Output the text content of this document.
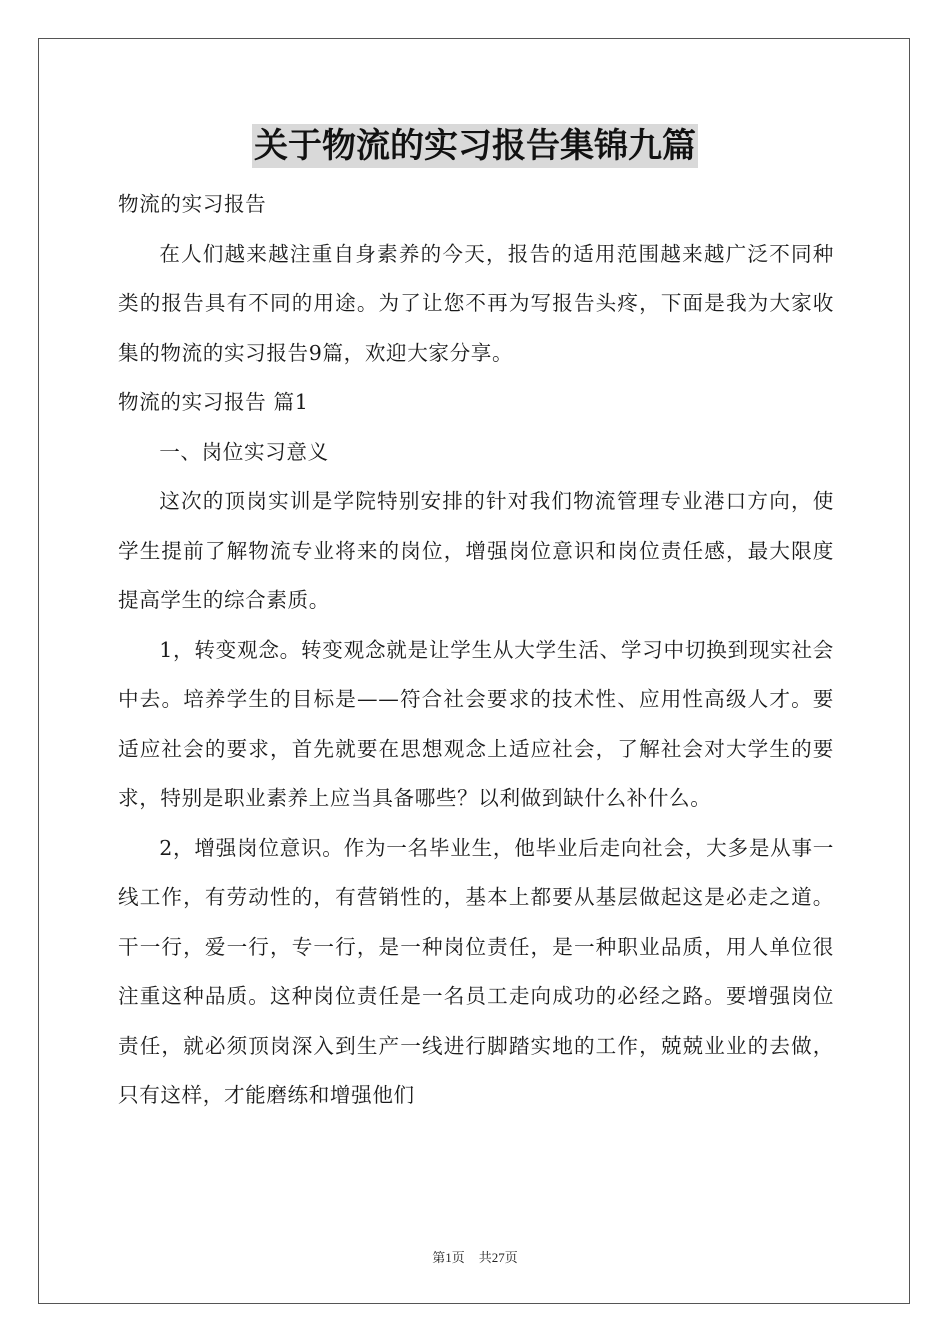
关于物流的实习报告集锦九篇

物流的实习报告

在人们越来越注重自身素养的今天，报告的适用范围越来越广泛不同种类的报告具有不同的用途。为了让您不再为写报告头疼，下面是我为大家收集的物流的实习报告9篇，欢迎大家分享。

物流的实习报告 篇1

一、岗位实习意义

这次的顶岗实训是学院特别安排的针对我们物流管理专业港口方向，使学生提前了解物流专业将来的岗位，增强岗位意识和岗位责任感，最大限度提高学生的综合素质。

1，转变观念。转变观念就是让学生从大学生活、学习中切换到现实社会中去。培养学生的目标是——符合社会要求的技术性、应用性高级人才。要适应社会的要求，首先就要在思想观念上适应社会，了解社会对大学生的要求，特别是职业素养上应当具备哪些？以利做到缺什么补什么。

2，增强岗位意识。作为一名毕业生，他毕业后走向社会，大多是从事一线工作，有劳动性的，有营销性的，基本上都要从基层做起这是必走之道。干一行，爱一行，专一行，是一种岗位责任，是一种职业品质，用人单位很注重这种品质。这种岗位责任是一名员工走向成功的必经之路。要增强岗位责任，就必须顶岗深入到生产一线进行脚踏实地的工作，兢兢业业的去做，只有这样，才能磨练和增强他们

第1页 共27页
